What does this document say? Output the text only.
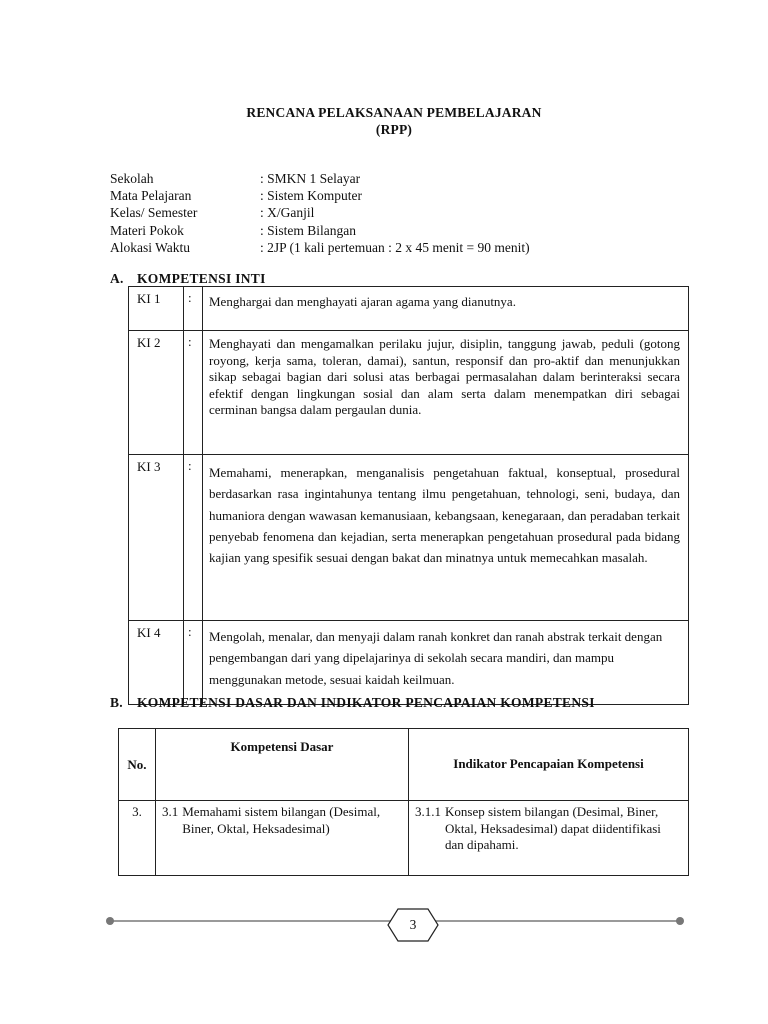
RENCANA PELAKSANAAN PEMBELAJARAN
(RPP)
Sekolah	: SMKN 1 Selayar
Mata Pelajaran	: Sistem Komputer
Kelas/ Semester	: X/Ganjil
Materi Pokok	: Sistem Bilangan
Alokasi Waktu	: 2JP (1 kali pertemuan : 2 x 45 menit = 90 menit)
A. KOMPETENSI INTI
KI 1	:	Menghargai dan menghayati ajaran agama yang dianutnya.
KI 2	:	Menghayati dan mengamalkan perilaku jujur, disiplin, tanggung jawab, peduli (gotong royong, kerja sama, toleran, damai), santun, responsif dan pro-aktif dan menunjukkan sikap sebagai bagian dari solusi atas berbagai permasalahan dalam berinteraksi secara efektif dengan lingkungan sosial dan alam serta dalam menempatkan diri sebagai cerminan bangsa dalam pergaulan dunia.
KI 3	:	Memahami, menerapkan, menganalisis pengetahuan faktual, konseptual, prosedural berdasarkan rasa ingintahunya tentang ilmu pengetahuan, tehnologi, seni, budaya, dan humaniora dengan wawasan kemanusiaan, kebangsaan, kenegaraan, dan peradaban terkait penyebab fenomena dan kejadian, serta menerapkan pengetahuan prosedural pada bidang kajian yang spesifik sesuai dengan bakat dan minatnya untuk memecahkan masalah.
KI 4	:	Mengolah, menalar, dan menyaji dalam ranah konkret dan ranah abstrak terkait dengan pengembangan dari yang dipelajarinya di sekolah secara mandiri, dan mampu menggunakan metode, sesuai kaidah keilmuan.
B.	KOMPETENSI DASAR DAN INDIKATOR PENCAPAIAN KOMPETENSI
No.	Kompetensi Dasar	Indikator Pencapaian Kompetensi
3.	3.1 Memahami sistem bilangan (Desimal, Biner, Oktal, Heksadesimal)	3.1.1 Konsep sistem bilangan (Desimal, Biner, Oktal, Heksadesimal) dapat diidentifikasi dan dipahami.
3
